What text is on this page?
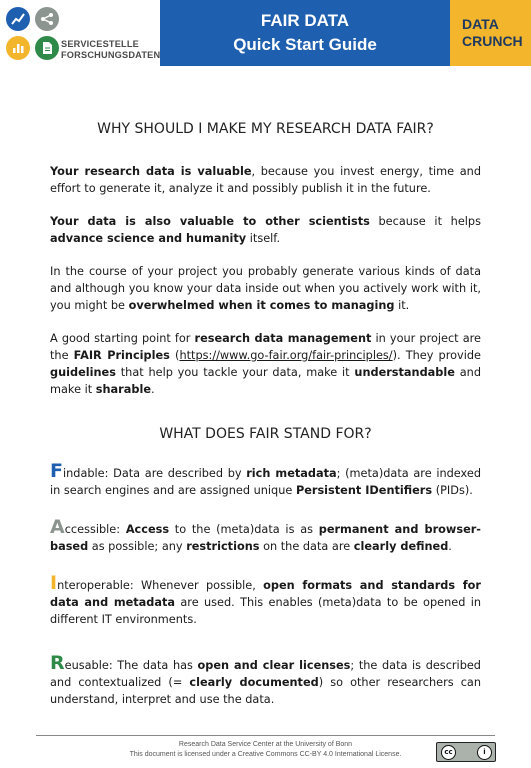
SERVICESTELLE
FORSCHUNGSDATEN
FAIR DATA
Quick Start Guide
DATA
CRUNCH
WHY SHOULD I MAKE MY RESEARCH DATA FAIR?
Your research data is valuable, because you invest energy, time and effort to generate it, analyze it and possibly publish it in the future.
Your data is also valuable to other scientists because it helps advance science and humanity itself.
In the course of your project you probably generate various kinds of data and although you know your data inside out when you actively work with it, you might be overwhelmed when it comes to managing it.
A good starting point for research data management in your project are the FAIR Principles (https://www.go-fair.org/fair-principles/). They provide guidelines that help you tackle your data, make it understandable and make it sharable.
WHAT DOES FAIR STAND FOR?
Findable: Data are described by rich metadata; (meta)data are indexed in search engines and are assigned unique Persistent IDentifiers (PIDs).
Accessible: Access to the (meta)data is as permanent and browser-based as possible; any restrictions on the data are clearly defined.
Interoperable: Whenever possible, open formats and standards for data and metadata are used. This enables (meta)data to be opened in different IT environments.
Reusable: The data has open and clear licenses; the data is described and contextualized (= clearly documented) so other researchers can understand, interpret and use the data.
Research Data Service Center at the University of Bonn
This document is licensed under a Creative Commons CC-BY 4.0 International License.	cc	i
